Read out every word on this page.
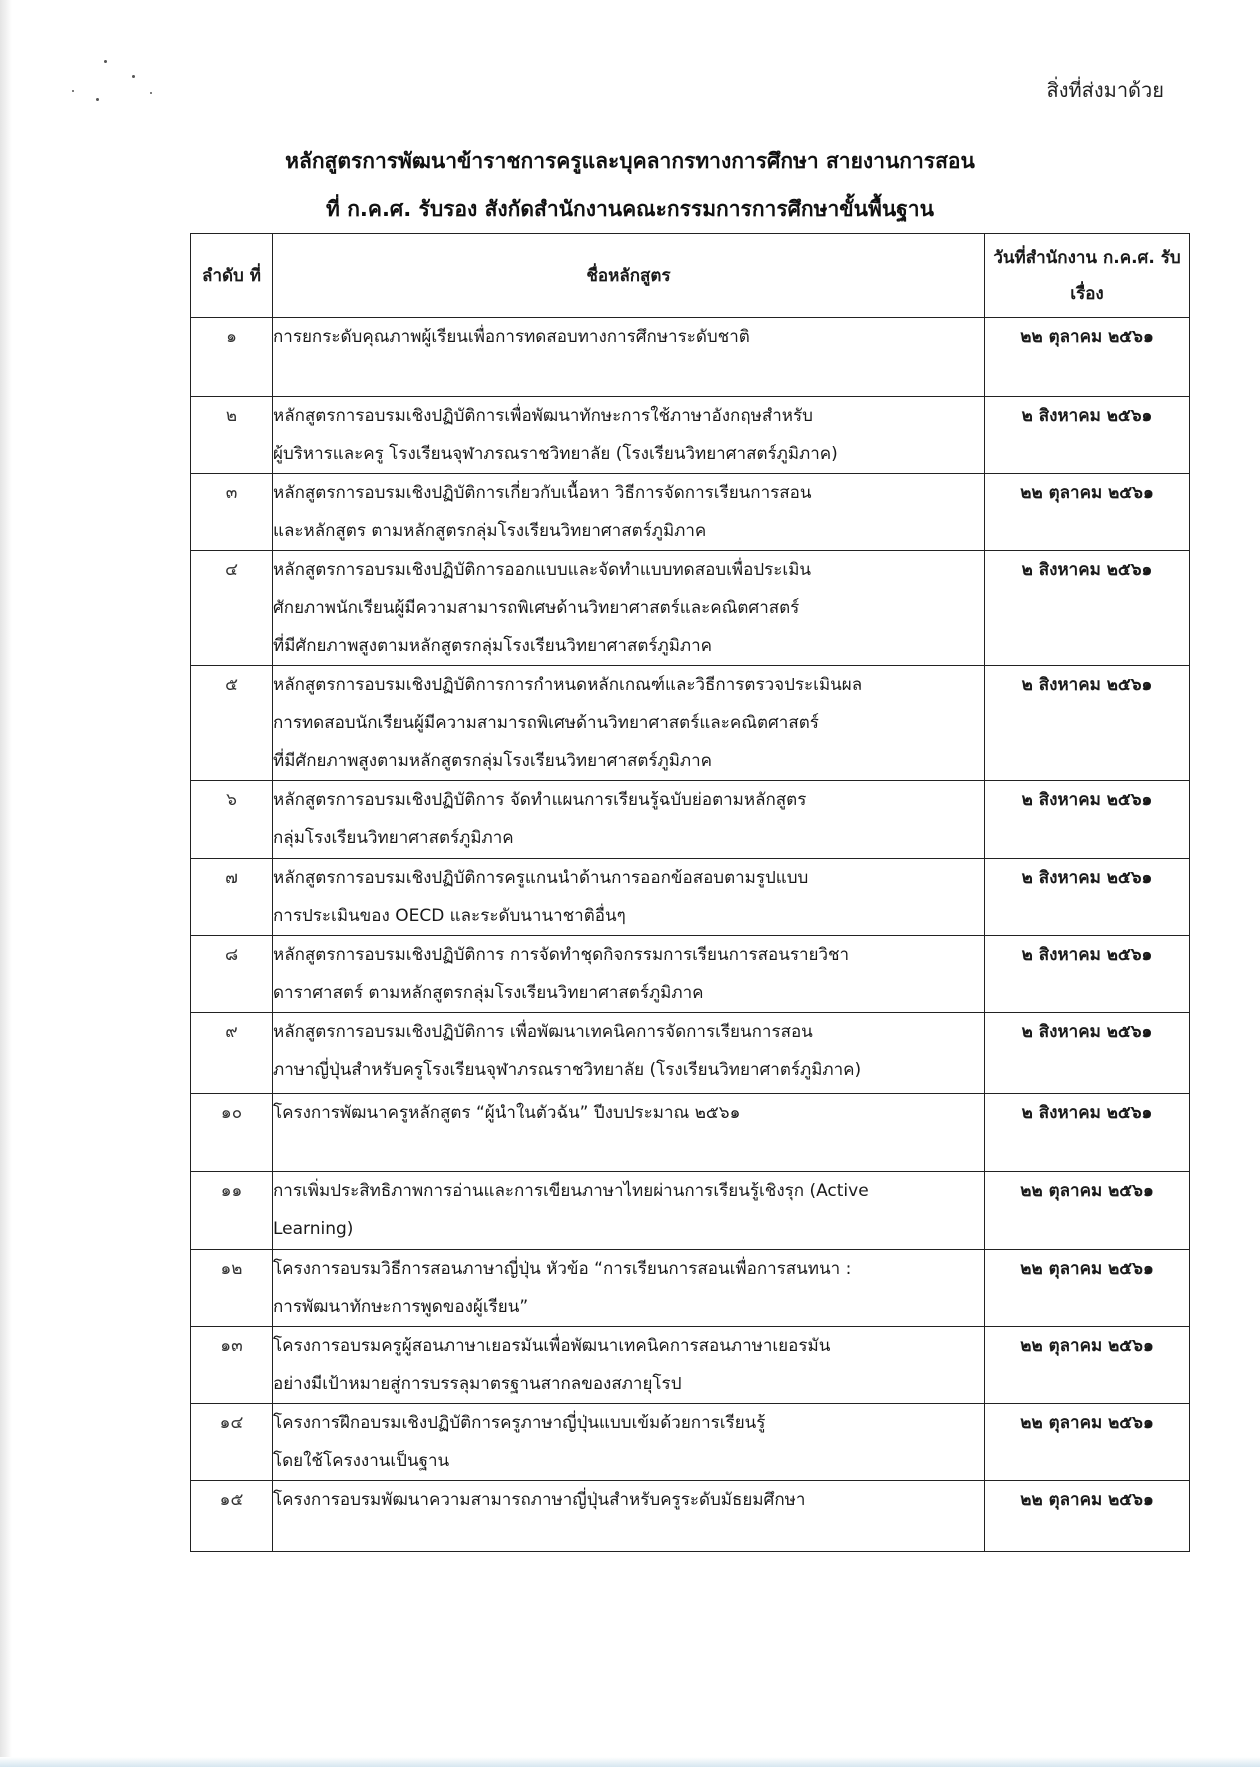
สิ่งที่ส่งมาด้วย
หลักสูตรการพัฒนาข้าราชการครูและบุคลากรทางการศึกษา สายงานการสอน
ที่ ก.ค.ศ. รับรอง สังกัดสำนักงานคณะกรรมการการศึกษาขั้นพื้นฐาน
ลำดับ ที่	ชื่อหลักสูตร	วันที่สำนักงาน ก.ค.ศ. รับเรื่อง
๑	การยกระดับคุณภาพผู้เรียนเพื่อการทดสอบทางการศึกษาระดับชาติ	๒๒ ตุลาคม ๒๕๖๑
๒	หลักสูตรการอบรมเชิงปฏิบัติการเพื่อพัฒนาทักษะการใช้ภาษาอังกฤษสำหรับ
ผู้บริหารและครู โรงเรียนจุฬาภรณราชวิทยาลัย (โรงเรียนวิทยาศาสตร์ภูมิภาค)	๒ สิงหาคม ๒๕๖๑
๓	หลักสูตรการอบรมเชิงปฏิบัติการเกี่ยวกับเนื้อหา วิธีการจัดการเรียนการสอน
และหลักสูตร ตามหลักสูตรกลุ่มโรงเรียนวิทยาศาสตร์ภูมิภาค	๒๒ ตุลาคม ๒๕๖๑
๔	หลักสูตรการอบรมเชิงปฏิบัติการออกแบบและจัดทำแบบทดสอบเพื่อประเมิน
ศักยภาพนักเรียนผู้มีความสามารถพิเศษด้านวิทยาศาสตร์และคณิตศาสตร์
ที่มีศักยภาพสูงตามหลักสูตรกลุ่มโรงเรียนวิทยาศาสตร์ภูมิภาค	๒ สิงหาคม ๒๕๖๑
๕	หลักสูตรการอบรมเชิงปฏิบัติการการกำหนดหลักเกณฑ์และวิธีการตรวจประเมินผล
การทดสอบนักเรียนผู้มีความสามารถพิเศษด้านวิทยาศาสตร์และคณิตศาสตร์
ที่มีศักยภาพสูงตามหลักสูตรกลุ่มโรงเรียนวิทยาศาสตร์ภูมิภาค	๒ สิงหาคม ๒๕๖๑
๖	หลักสูตรการอบรมเชิงปฏิบัติการ จัดทำแผนการเรียนรู้ฉบับย่อตามหลักสูตร
กลุ่มโรงเรียนวิทยาศาสตร์ภูมิภาค	๒ สิงหาคม ๒๕๖๑
๗	หลักสูตรการอบรมเชิงปฏิบัติการครูแกนนำด้านการออกข้อสอบตามรูปแบบ
การประเมินของ OECD และระดับนานาชาติอื่นๆ	๒ สิงหาคม ๒๕๖๑
๘	หลักสูตรการอบรมเชิงปฏิบัติการ การจัดทำชุดกิจกรรมการเรียนการสอนรายวิชา
ดาราศาสตร์ ตามหลักสูตรกลุ่มโรงเรียนวิทยาศาสตร์ภูมิภาค	๒ สิงหาคม ๒๕๖๑
๙	หลักสูตรการอบรมเชิงปฏิบัติการ เพื่อพัฒนาเทคนิคการจัดการเรียนการสอน
ภาษาญี่ปุ่นสำหรับครูโรงเรียนจุฬาภรณราชวิทยาลัย (โรงเรียนวิทยาศาตร์ภูมิภาค)	๒ สิงหาคม ๒๕๖๑
๑๐	โครงการพัฒนาครูหลักสูตร “ผู้นำในตัวฉัน” ปีงบประมาณ ๒๕๖๑	๒ สิงหาคม ๒๕๖๑
๑๑	การเพิ่มประสิทธิภาพการอ่านและการเขียนภาษาไทยผ่านการเรียนรู้เชิงรุก (Active
Learning)	๒๒ ตุลาคม ๒๕๖๑
๑๒	โครงการอบรมวิธีการสอนภาษาญี่ปุ่น หัวข้อ “การเรียนการสอนเพื่อการสนทนา :
การพัฒนาทักษะการพูดของผู้เรียน”	๒๒ ตุลาคม ๒๕๖๑
๑๓	โครงการอบรมครูผู้สอนภาษาเยอรมันเพื่อพัฒนาเทคนิคการสอนภาษาเยอรมัน
อย่างมีเป้าหมายสู่การบรรลุมาตรฐานสากลของสภายุโรป	๒๒ ตุลาคม ๒๕๖๑
๑๔	โครงการฝึกอบรมเชิงปฏิบัติการครูภาษาญี่ปุ่นแบบเข้มด้วยการเรียนรู้
โดยใช้โครงงานเป็นฐาน	๒๒ ตุลาคม ๒๕๖๑
๑๕	โครงการอบรมพัฒนาความสามารถภาษาญี่ปุ่นสำหรับครูระดับมัธยมศึกษา	๒๒ ตุลาคม ๒๕๖๑
